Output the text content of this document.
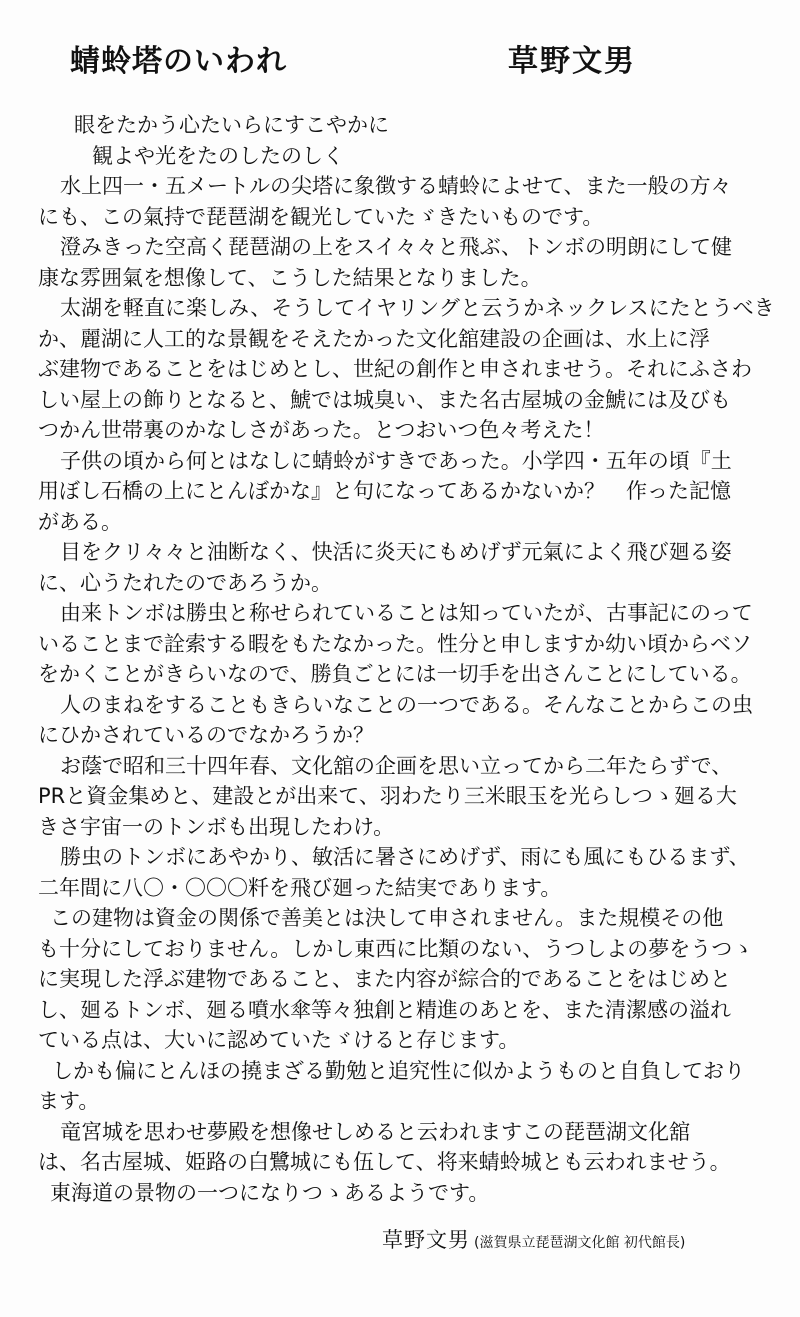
蜻蛉塔のいわれ	草野文男
眼をたかう心たいらにすこやかに
観よや光をたのしたのしく
水上四一・五メートルの尖塔に象徴する蜻蛉によせて、また一般の方々
にも、この氣持で琵琶湖を観光していたゞきたいものです。
澄みきった空高く琵琶湖の上をスイ々々と飛ぶ、トンボの明朗にして健
康な雰囲氣を想像して、こうした結果となりました。
太湖を軽直に楽しみ、そうしてイヤリングと云うかネックレスにたとうべき
か、麗湖に人工的な景観をそえたかった文化舘建設の企画は、水上に浮
ぶ建物であることをはじめとし、世紀の創作と申されませう。それにふさわ
しい屋上の飾りとなると、鯱では城臭い、また名古屋城の金鯱には及びも
つかん世帯裏のかなしさがあった。とつおいつ色々考えた！
子供の頃から何とはなしに蜻蛉がすきであった。小学四・五年の頃『土
用ぼし石橋の上にとんぼかな』と句になってあるかないか？　作った記憶
がある。
目をクリ々々と油断なく、快活に炎天にもめげず元氣によく飛び廻る姿
に、心うたれたのであろうか。
由来トンボは勝虫と称せられていることは知っていたが、古事記にのって
いることまで詮索する暇をもたなかった。性分と申しますか幼い頃からベソ
をかくことがきらいなので、勝負ごとには一切手を出さんことにしている。
人のまねをすることもきらいなことの一つである。そんなことからこの虫
にひかされているのでなかろうか？
お蔭で昭和三十四年春、文化舘の企画を思い立ってから二年たらずで、
PRと資金集めと、建設とが出来て、羽わたり三米眼玉を光らしつゝ廻る大
きさ宇宙一のトンボも出現したわけ。
勝虫のトンボにあやかり、敏活に暑さにめげず、雨にも風にもひるまず、
二年間に八〇・〇〇〇粁を飛び廻った結実であります。
この建物は資金の関係で善美とは決して申されません。また規模その他
も十分にしておりません。しかし東西に比類のない、うつしよの夢をうつゝ
に実現した浮ぶ建物であること、また内容が綜合的であることをはじめと
し、廻るトンボ、廻る噴水傘等々独創と精進のあとを、また清潔感の溢れ
ている点は、大いに認めていたゞけると存じます。
しかも偏にとんほの撓まざる勤勉と追究性に似かようものと自負しており
ます。
竜宮城を思わせ夢殿を想像せしめると云われますこの琵琶湖文化舘
は、名古屋城、姫路の白鷺城にも伍して、将来蜻蛉城とも云われませう。
東海道の景物の一つになりつゝあるようです。
草野文男 (滋賀県立琵琶湖文化館 初代館長)
